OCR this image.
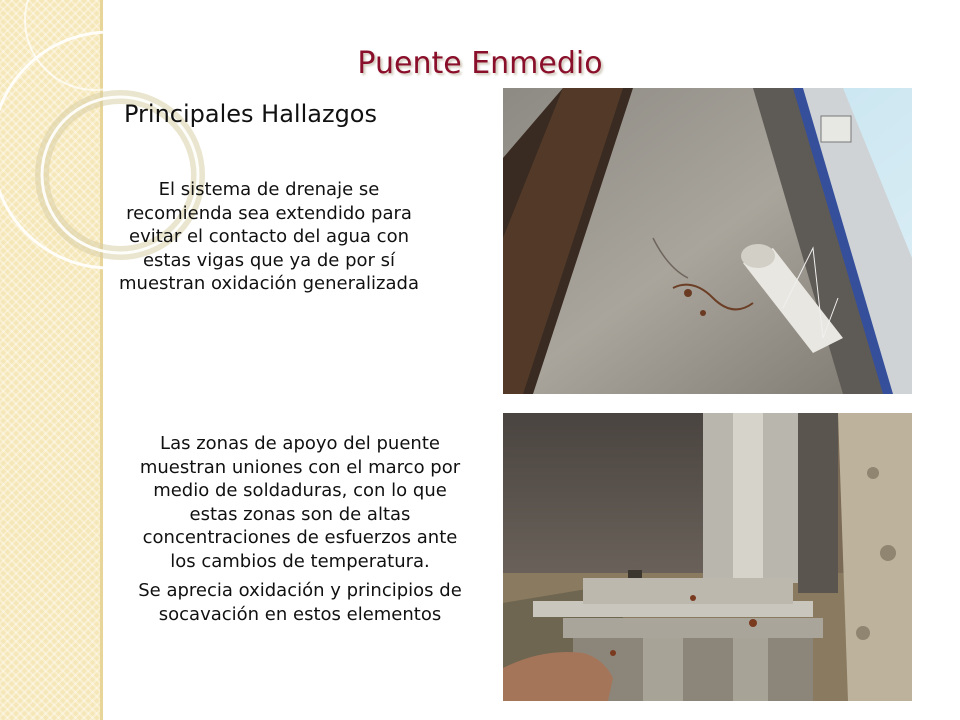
Puente Enmedio
Principales Hallazgos
El sistema de drenaje se recomienda sea extendido para evitar el contacto del agua con estas vigas que ya de por sí muestran oxidación generalizada
Las zonas de apoyo del puente muestran uniones con el marco por medio de soldaduras, con lo que estas zonas son de altas concentraciones de esfuerzos ante los cambios de temperatura.
Se aprecia oxidación y principios de socavación en estos elementos
